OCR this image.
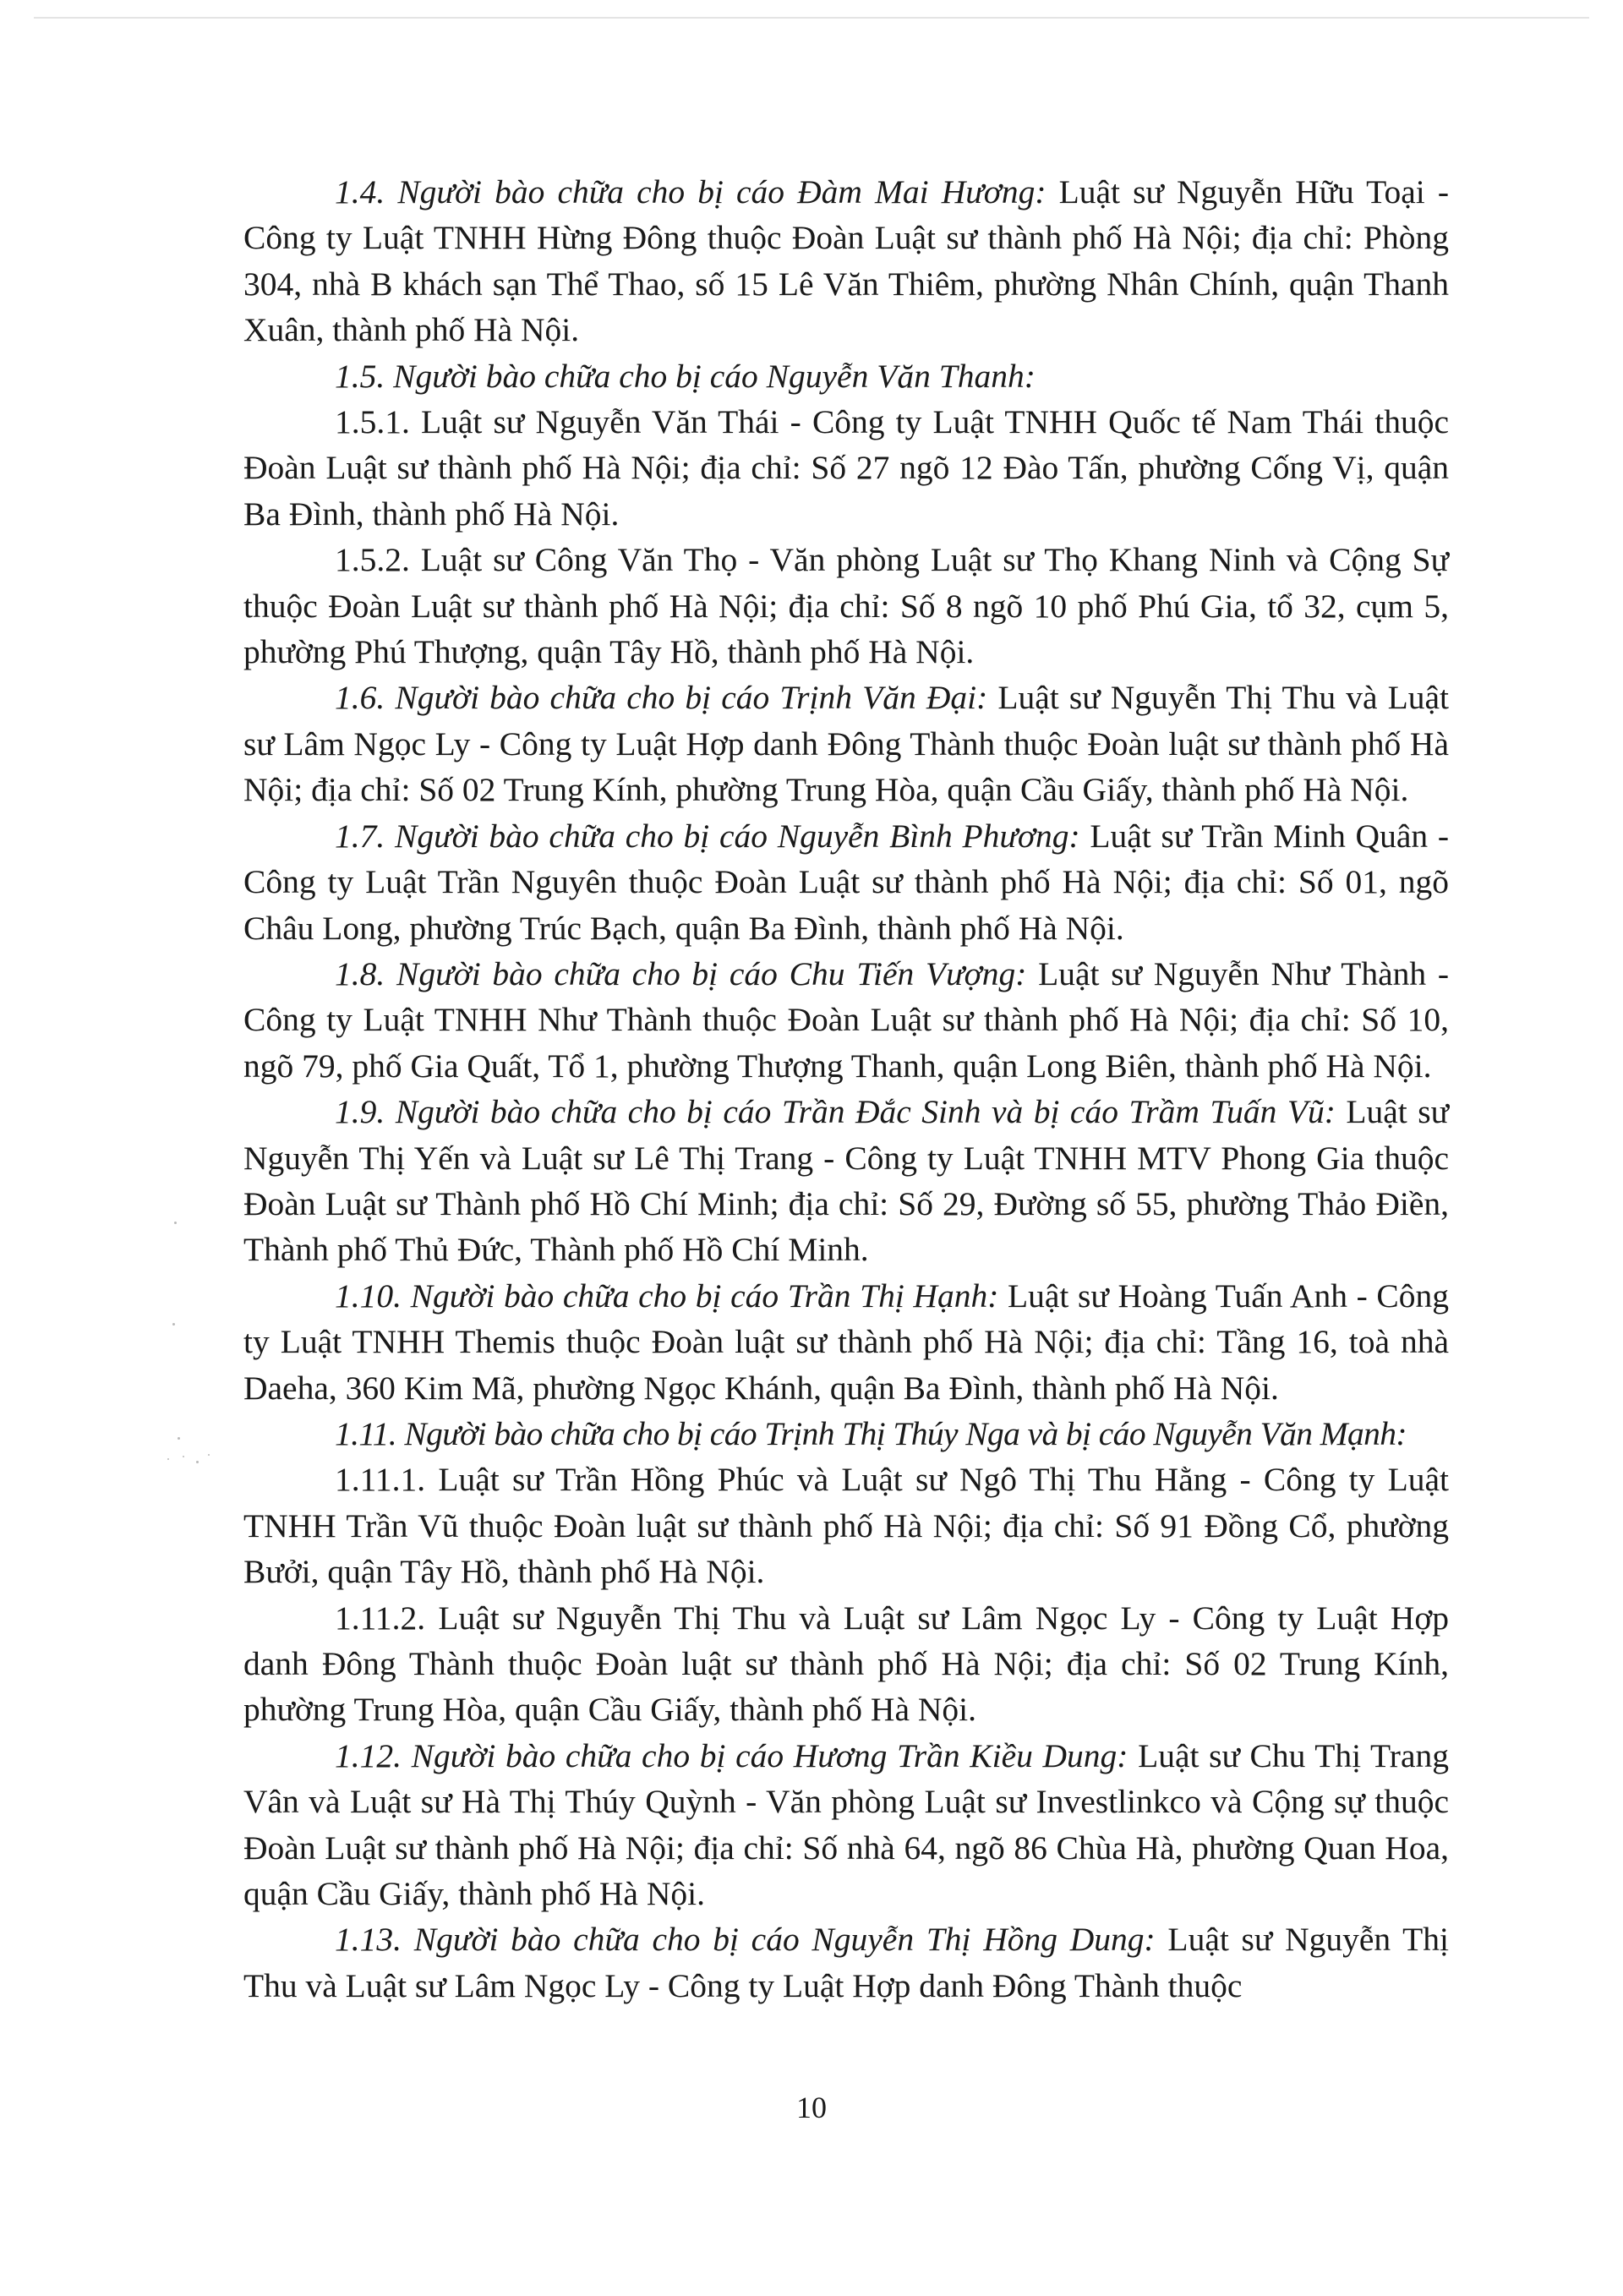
1.4. Người bào chữa cho bị cáo Đàm Mai Hương: Luật sư Nguyễn Hữu Toại - Công ty Luật TNHH Hừng Đông thuộc Đoàn Luật sư thành phố Hà Nội; địa chỉ: Phòng 304, nhà B khách sạn Thể Thao, số 15 Lê Văn Thiêm, phường Nhân Chính, quận Thanh Xuân, thành phố Hà Nội.

1.5. Người bào chữa cho bị cáo Nguyễn Văn Thanh:

1.5.1. Luật sư Nguyễn Văn Thái - Công ty Luật TNHH Quốc tế Nam Thái thuộc Đoàn Luật sư thành phố Hà Nội; địa chỉ: Số 27 ngõ 12 Đào Tấn, phường Cống Vị, quận Ba Đình, thành phố Hà Nội.

1.5.2. Luật sư Công Văn Thọ - Văn phòng Luật sư Thọ Khang Ninh và Cộng Sự thuộc Đoàn Luật sư thành phố Hà Nội; địa chỉ: Số 8 ngõ 10 phố Phú Gia, tổ 32, cụm 5, phường Phú Thượng, quận Tây Hồ, thành phố Hà Nội.

1.6. Người bào chữa cho bị cáo Trịnh Văn Đại: Luật sư Nguyễn Thị Thu và Luật sư Lâm Ngọc Ly - Công ty Luật Hợp danh Đông Thành thuộc Đoàn luật sư thành phố Hà Nội; địa chỉ: Số 02 Trung Kính, phường Trung Hòa, quận Cầu Giấy, thành phố Hà Nội.

1.7. Người bào chữa cho bị cáo Nguyễn Bình Phương: Luật sư Trần Minh Quân - Công ty Luật Trần Nguyên thuộc Đoàn Luật sư thành phố Hà Nội; địa chỉ: Số 01, ngõ Châu Long, phường Trúc Bạch, quận Ba Đình, thành phố Hà Nội.

1.8. Người bào chữa cho bị cáo Chu Tiến Vượng: Luật sư Nguyễn Như Thành - Công ty Luật TNHH Như Thành thuộc Đoàn Luật sư thành phố Hà Nội; địa chỉ: Số 10, ngõ 79, phố Gia Quất, Tổ 1, phường Thượng Thanh, quận Long Biên, thành phố Hà Nội.

1.9. Người bào chữa cho bị cáo Trần Đắc Sinh và bị cáo Trầm Tuấn Vũ: Luật sư Nguyễn Thị Yến và Luật sư Lê Thị Trang - Công ty Luật TNHH MTV Phong Gia thuộc Đoàn Luật sư Thành phố Hồ Chí Minh; địa chỉ: Số 29, Đường số 55, phường Thảo Điền, Thành phố Thủ Đức, Thành phố Hồ Chí Minh.

1.10. Người bào chữa cho bị cáo Trần Thị Hạnh: Luật sư Hoàng Tuấn Anh - Công ty Luật TNHH Themis thuộc Đoàn luật sư thành phố Hà Nội; địa chỉ: Tầng 16, toà nhà Daeha, 360 Kim Mã, phường Ngọc Khánh, quận Ba Đình, thành phố Hà Nội.

1.11. Người bào chữa cho bị cáo Trịnh Thị Thúy Nga và bị cáo Nguyễn Văn Mạnh:

1.11.1. Luật sư Trần Hồng Phúc và Luật sư Ngô Thị Thu Hằng - Công ty Luật TNHH Trần Vũ thuộc Đoàn luật sư thành phố Hà Nội; địa chỉ: Số 91 Đồng Cổ, phường Bưởi, quận Tây Hồ, thành phố Hà Nội.

1.11.2. Luật sư Nguyễn Thị Thu và Luật sư Lâm Ngọc Ly - Công ty Luật Hợp danh Đông Thành thuộc Đoàn luật sư thành phố Hà Nội; địa chỉ: Số 02 Trung Kính, phường Trung Hòa, quận Cầu Giấy, thành phố Hà Nội.

1.12. Người bào chữa cho bị cáo Hương Trần Kiều Dung: Luật sư Chu Thị Trang Vân và Luật sư Hà Thị Thúy Quỳnh - Văn phòng Luật sư Investlinkco và Cộng sự thuộc Đoàn Luật sư thành phố Hà Nội; địa chỉ: Số nhà 64, ngõ 86 Chùa Hà, phường Quan Hoa, quận Cầu Giấy, thành phố Hà Nội.

1.13. Người bào chữa cho bị cáo Nguyễn Thị Hồng Dung: Luật sư Nguyễn Thị Thu và Luật sư Lâm Ngọc Ly - Công ty Luật Hợp danh Đông Thành thuộc

10
